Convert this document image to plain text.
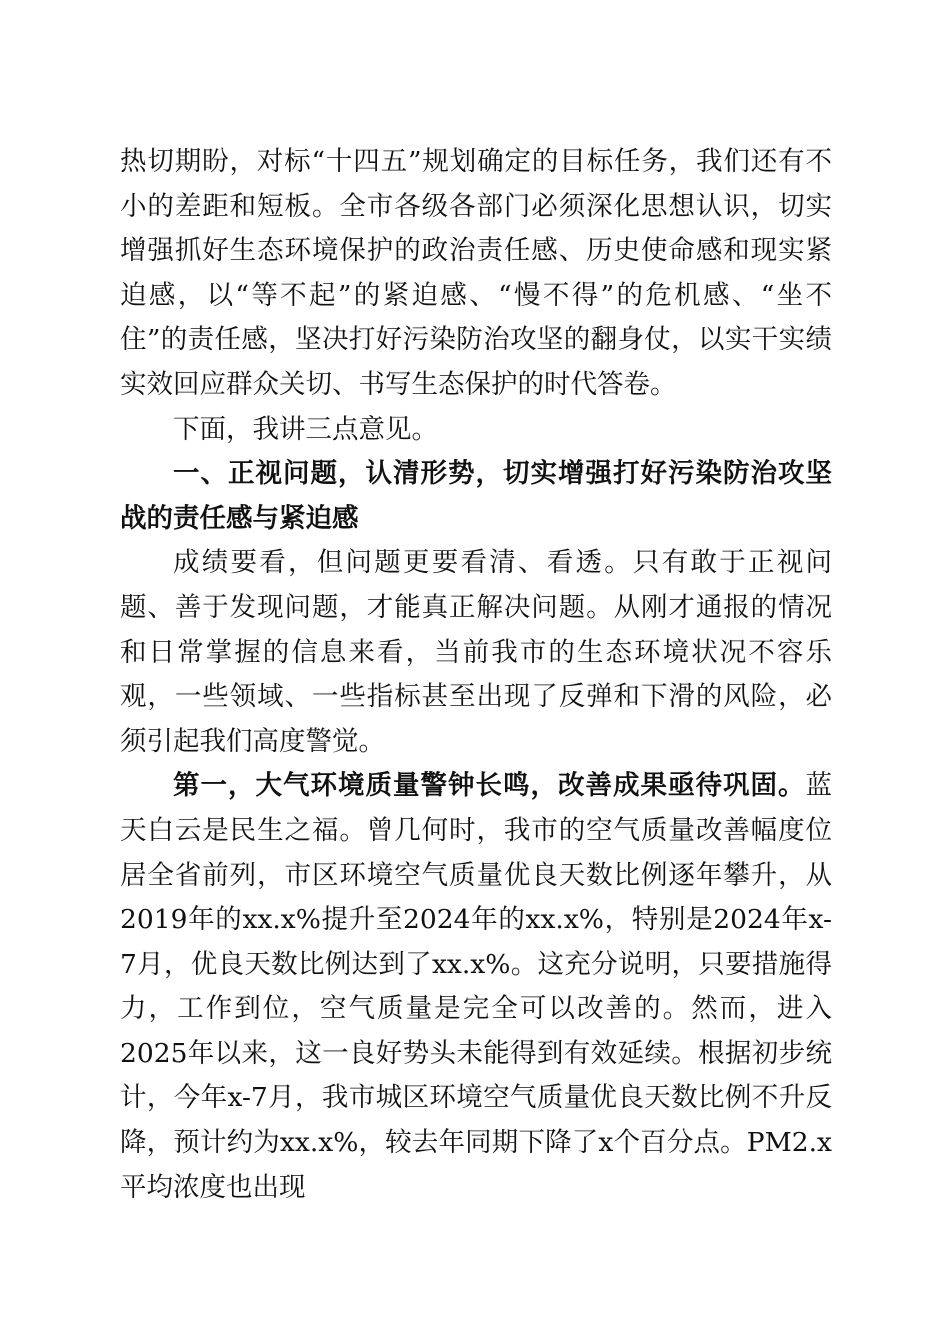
热切期盼，对标“十四五”规划确定的目标任务，我们还有不小的差距和短板。全市各级各部门必须深化思想认识，切实增强抓好生态环境保护的政治责任感、历史使命感和现实紧迫感，以“等不起”的紧迫感、“慢不得”的危机感、“坐不住”的责任感，坚决打好污染防治攻坚的翻身仗，以实干实绩实效回应群众关切、书写生态保护的时代答卷。

下面，我讲三点意见。

一、正视问题，认清形势，切实增强打好污染防治攻坚战的责任感与紧迫感

成绩要看，但问题更要看清、看透。只有敢于正视问题、善于发现问题，才能真正解决问题。从刚才通报的情况和日常掌握的信息来看，当前我市的生态环境状况不容乐观，一些领域、一些指标甚至出现了反弹和下滑的风险，必须引起我们高度警觉。

第一，大气环境质量警钟长鸣，改善成果亟待巩固。蓝天白云是民生之福。曾几何时，我市的空气质量改善幅度位居全省前列，市区环境空气质量优良天数比例逐年攀升，从2019年的xx.x%提升至2024年的xx.x%，特别是2024年x-7月，优良天数比例达到了xx.x%。这充分说明，只要措施得力，工作到位，空气质量是完全可以改善的。然而，进入2025年以来，这一良好势头未能得到有效延续。根据初步统计，今年x-7月，我市城区环境空气质量优良天数比例不升反降，预计约为xx.x%，较去年同期下降了x个百分点。PM2.x平均浓度也出现
